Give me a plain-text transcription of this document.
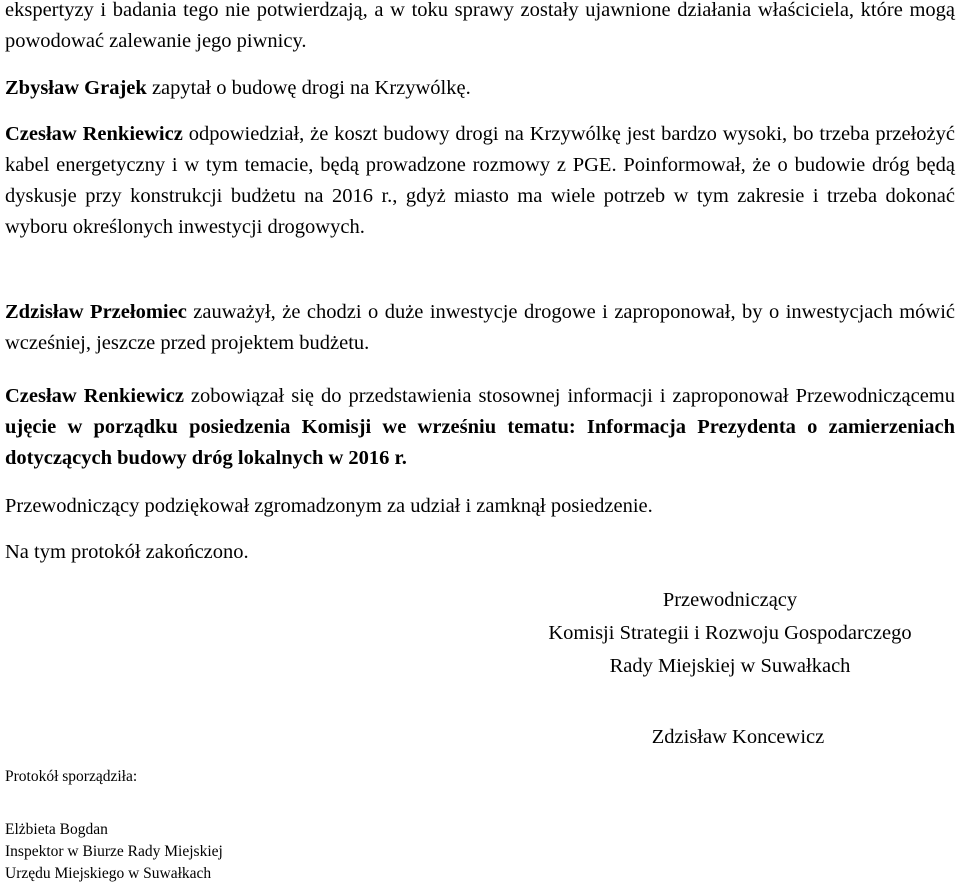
ekspertyzy i badania tego nie potwierdzają, a w toku sprawy zostały ujawnione działania właściciela, które mogą powodować zalewanie jego piwnicy.

Zbysław Grajek zapytał o budowę drogi na Krzywólkę.

Czesław Renkiewicz odpowiedział, że koszt budowy drogi na Krzywólkę jest bardzo wysoki, bo trzeba przełożyć kabel energetyczny i w tym temacie, będą prowadzone rozmowy z PGE. Poinformował, że o budowie dróg będą dyskusje przy konstrukcji budżetu na 2016 r., gdyż miasto ma wiele potrzeb w tym zakresie i trzeba dokonać wyboru określonych inwestycji drogowych.

Zdzisław Przełomiec zauważył, że chodzi o duże inwestycje drogowe i zaproponował, by o inwestycjach mówić wcześniej, jeszcze przed projektem budżetu.

Czesław Renkiewicz zobowiązał się do przedstawienia stosownej informacji i zaproponował Przewodniczącemu ujęcie w porządku posiedzenia Komisji we wrześniu tematu: Informacja Prezydenta o zamierzeniach dotyczących budowy dróg lokalnych w 2016 r.

Przewodniczący podziękował zgromadzonym za udział i zamknął posiedzenie.

Na tym protokół zakończono.

Przewodniczący
Komisji Strategii i Rozwoju Gospodarczego
Rady Miejskiej w Suwałkach
Zdzisław Koncewicz

Protokół sporządziła:

Elżbieta Bogdan
Inspektor w Biurze Rady Miejskiej
Urzędu Miejskiego w Suwałkach
